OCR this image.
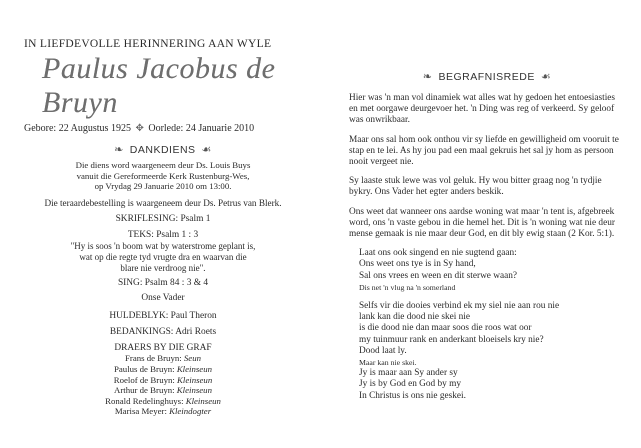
IN LIEFDEVOLLE HERINNERING AAN WYLE
Paulus Jacobus de Bruyn
Gebore: 22 Augustus 1925 ✥ Oorlede: 24 Januarie 2010
❧ DANKDIENS ☙
Die diens word waargeneem deur Ds. Louis Buys
vanuit die Gereformeerde Kerk Rustenburg-Wes,
op Vrydag 29 Januarie 2010 om 13:00.
Die teraardebestelling is waargeneem deur Ds. Petrus van Blerk.
SKRIFLESING: Psalm 1
TEKS: Psalm 1 : 3
"Hy is soos 'n boom wat by waterstrome geplant is,
wat op die regte tyd vrugte dra en waarvan die
blare nie verdroog nie".
SING: Psalm 84 : 3 & 4
Onse Vader
HULDEBLYK: Paul Theron
BEDANKINGS: Adri Roets
DRAERS BY DIE GRAF
Frans de Bruyn: Seun
Paulus de Bruyn: Kleinseun
Roelof de Bruyn: Kleinseun
Arthur de Bruyn: Kleinseun
Ronald Redelinghuys: Kleinseun
Marisa Meyer: Kleindogter
❧ BEGRAFNISREDE ☙

Hier was 'n man vol dinamiek wat alles wat hy gedoen het entoesiasties en met oorgawe deurgevoer het. 'n Ding was reg of verkeerd. Sy geloof was onwrikbaar.

Maar ons sal hom ook onthou vir sy liefde en gewilligheid om vooruit te stap en te lei. As hy jou pad een maal gekruis het sal jy hom as persoon nooit vergeet nie.

Sy laaste stuk lewe was vol geluk. Hy wou bitter graag nog 'n tydjie bykry. Ons Vader het egter anders beskik.

Ons weet dat wanneer ons aardse woning wat maar 'n tent is, afgebreek word, ons 'n vaste gebou in die hemel het. Dit is 'n woning wat nie deur mense gemaak is nie maar deur God, en dit bly ewig staan (2 Kor. 5:1).

Laat ons ook singend en nie sugtend gaan:
Ons weet ons tye is in Sy hand,
Sal ons vrees en ween en dit sterwe waan?
Dis net 'n vlug na 'n somerland
Selfs vir die dooies verbind ek my siel nie aan rou nie
lank kan die dood nie skei nie
is die dood nie dan maar soos die roos wat oor
my tuinmuur rank en anderkant bloeisels kry nie?
Dood laat ly.
Maar kan nie skei.
Jy is maar aan Sy ander sy
Jy is by God en God by my
In Christus is ons nie geskei.
